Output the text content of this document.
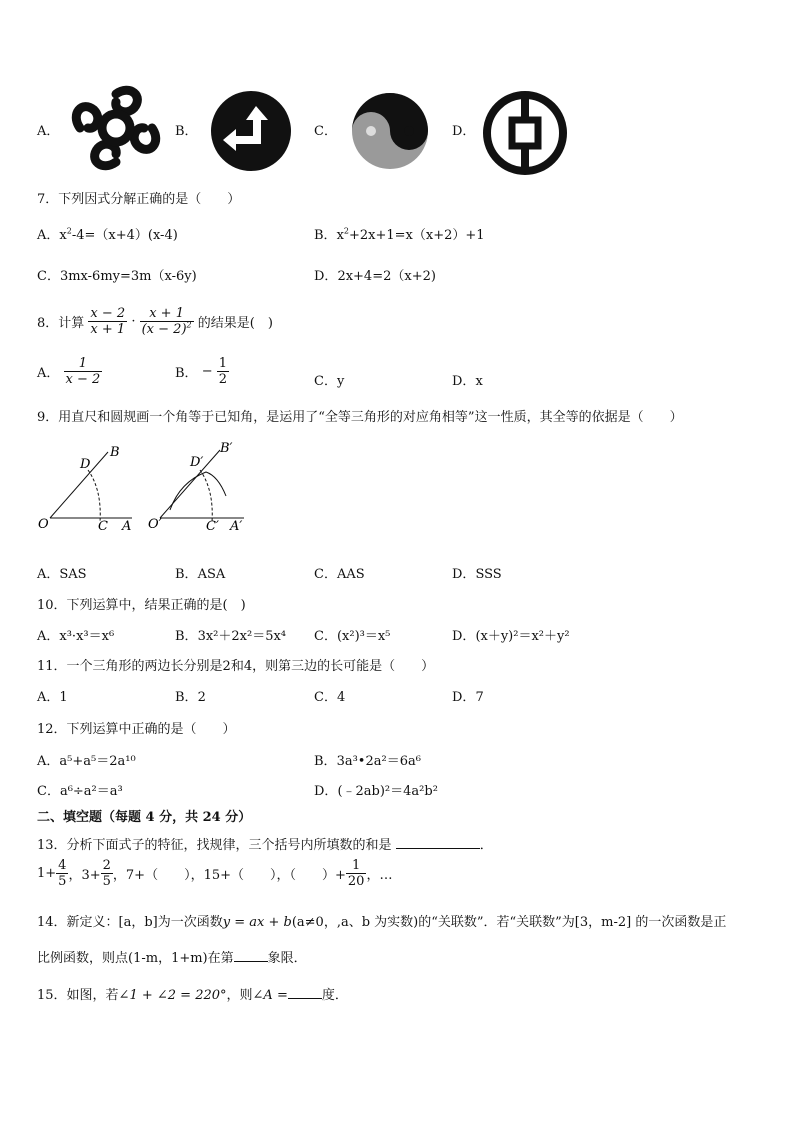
A．	B．	C．	D．
7．下列因式分解正确的是（　　）
A．$x^2-4=(x+4)(x-4)$	B．$x^2+2x+1=x(x+2)+1$
C．3mx-6my=3m（x-6y)	D．2x+4=2（x+2)
8．计算 $\frac{x - 2}{x + 1} \cdot \frac{x + 1}{(x - 2)^2}$ 的结果是(　)
A． $\frac{1}{x - 2}$	B． − $\frac{1}{2}$	C．y	D．x
9．用直尺和圆规画一个角等于已知角，是运用了“全等三角形的对应角相等”这一性质，其全等的依据是（　　）
O	A
B
C
D
O′	A′
B′
C′
D′
A．SAS	B．ASA	C．AAS	D．SSS
10．下列运算中，结果正确的是(　)
A．x³·x³＝x⁶	B．3x²＋2x²＝5x⁴ C．(x²)³＝x⁵	D．(x＋y)²＝x²＋y²
11．一个三角形的两边长分别是2和4，则第三边的长可能是（　　）
A．1	B．2	C．4	D．7
12．下列运算中正确的是（　　）
A．a⁵+a⁵＝2a¹⁰	B．3a³•2a²＝6a⁶
C．a⁶÷a²＝a³	D．(﹣2ab)²＝4a²b²
二、填空题（每题 4 分，共 24 分）
13．分析下面式子的特征，找规律，三个括号内所填数的和是	．
$1+ \frac{4}{5}$ ，$3+ \frac{2}{5}$ ，7+（　　），15+（　　），（　　）+ $\frac{1}{20}$ ，…
14．新定义：[a，b]为一次函数y = ax + b(a≠0，,a、b 为实数)的“关联数”．若“关联数”为[3，m-2] 的一次函数是正
比例函数，则点(1-m，1+m)在第	象限．
15．如图，若∠1 + ∠2 = 220°，则∠A =	度．
